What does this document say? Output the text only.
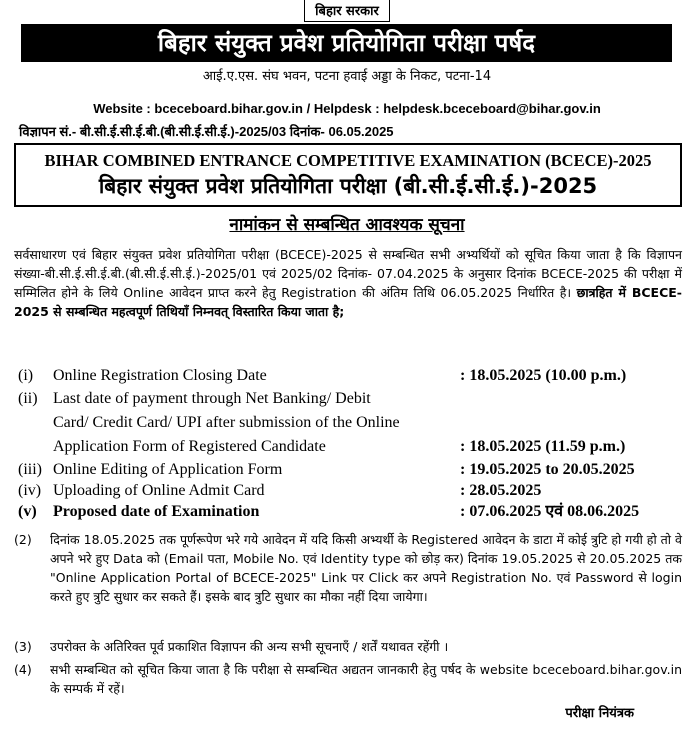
बिहार सरकार
बिहार संयुक्त प्रवेश प्रतियोगिता परीक्षा पर्षद
आई.ए.एस. संघ भवन, पटना हवाई अड्डा के निकट, पटना-14
Website : bceceboard.bihar.gov.in / Helpdesk : helpdesk.bceceboard@bihar.gov.in
विज्ञापन सं.- बी.सी.ई.सी.ई.बी.(बी.सी.ई.सी.ई.)-2025/03 दिनांक- 06.05.2025
BIHAR COMBINED ENTRANCE COMPETITIVE EXAMINATION (BCECE)-2025
बिहार संयुक्त प्रवेश प्रतियोगिता परीक्षा (बी.सी.ई.सी.ई.)-2025
नामांकन से सम्बन्धित आवश्यक सूचना
सर्वसाधारण एवं बिहार संयुक्त प्रवेश प्रतियोगिता परीक्षा (BCECE)-2025 से सम्बन्धित सभी अभ्यर्थियों को सूचित किया जाता है कि विज्ञापन संख्या-बी.सी.ई.सी.ई.बी.(बी.सी.ई.सी.ई.)-2025/01 एवं 2025/02 दिनांक- 07.04.2025 के अनुसार दिनांक BCECE-2025 की परीक्षा में सम्मिलित होने के लिये Online आवेदन प्राप्त करने हेतु Registration की अंतिम तिथि 06.05.2025 निर्धारित है। छात्रहित में BCECE-2025 से सम्बन्धित महत्वपूर्ण तिथियाँ निम्नवत् विस्तारित किया जाता है;
(i) Online Registration Closing Date	: 18.05.2025 (10.00 p.m.)
(ii) Last date of payment through Net Banking/ Debit
Card/ Credit Card/ UPI after submission of the Online
Application Form of Registered Candidate	: 18.05.2025 (11.59 p.m.)
(iii) Online Editing of Application Form	: 19.05.2025 to 20.05.2025
(iv) Uploading of Online Admit Card	: 28.05.2025
(v) Proposed date of Examination	: 07.06.2025 एवं 08.06.2025
(2) दिनांक 18.05.2025 तक पूर्णरूपेण भरे गये आवेदन में यदि किसी अभ्यर्थी के Registered आवेदन के डाटा में कोई त्रुटि हो गयी हो तो वे अपने भरे हुए Data को (Email पता, Mobile No. एवं Identity type को छोड़ कर) दिनांक 19.05.2025 से 20.05.2025 तक "Online Application Portal of BCECE-2025" Link पर Click कर अपने Registration No. एवं Password से login करते हुए त्रुटि सुधार कर सकते हैं। इसके बाद त्रुटि सुधार का मौका नहीं दिया जायेगा।
(3) उपरोक्त के अतिरिक्त पूर्व प्रकाशित विज्ञापन की अन्य सभी सूचनाएँ / शर्तें यथावत रहेंगी ।
(4) सभी सम्बन्धित को सूचित किया जाता है कि परीक्षा से सम्बन्धित अद्यतन जानकारी हेतु पर्षद के website bceceboard.bihar.gov.in के सम्पर्क में रहें।
परीक्षा नियंत्रक
